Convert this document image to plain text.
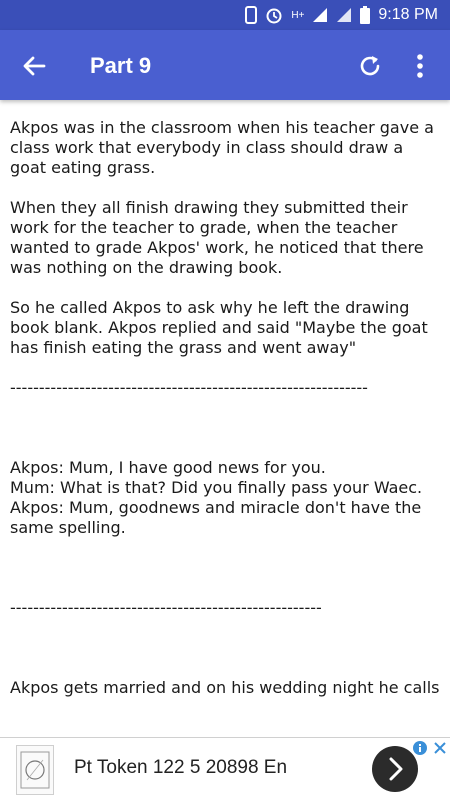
H+	9:18 PM
Part 9

Akpos was in the classroom when his teacher gave a class work that everybody in class should draw a goat eating grass.

When they all finish drawing they submitted their work for the teacher to grade, when the teacher wanted to grade Akpos' work, he noticed that there was nothing on the drawing book.

So he called Akpos to ask why he left the drawing book blank. Akpos replied and said "Maybe the goat has finish eating the grass and went away"

--------------------------------------------------------------

Akpos: Mum, I have good news for you.
Mum: What is that? Did you finally pass your Waec.
Akpos: Mum, goodnews and miracle don't have the same spelling.

------------------------------------------------------

Akpos gets married and on his wedding night he calls

Pt Token 122 5 20898 En
